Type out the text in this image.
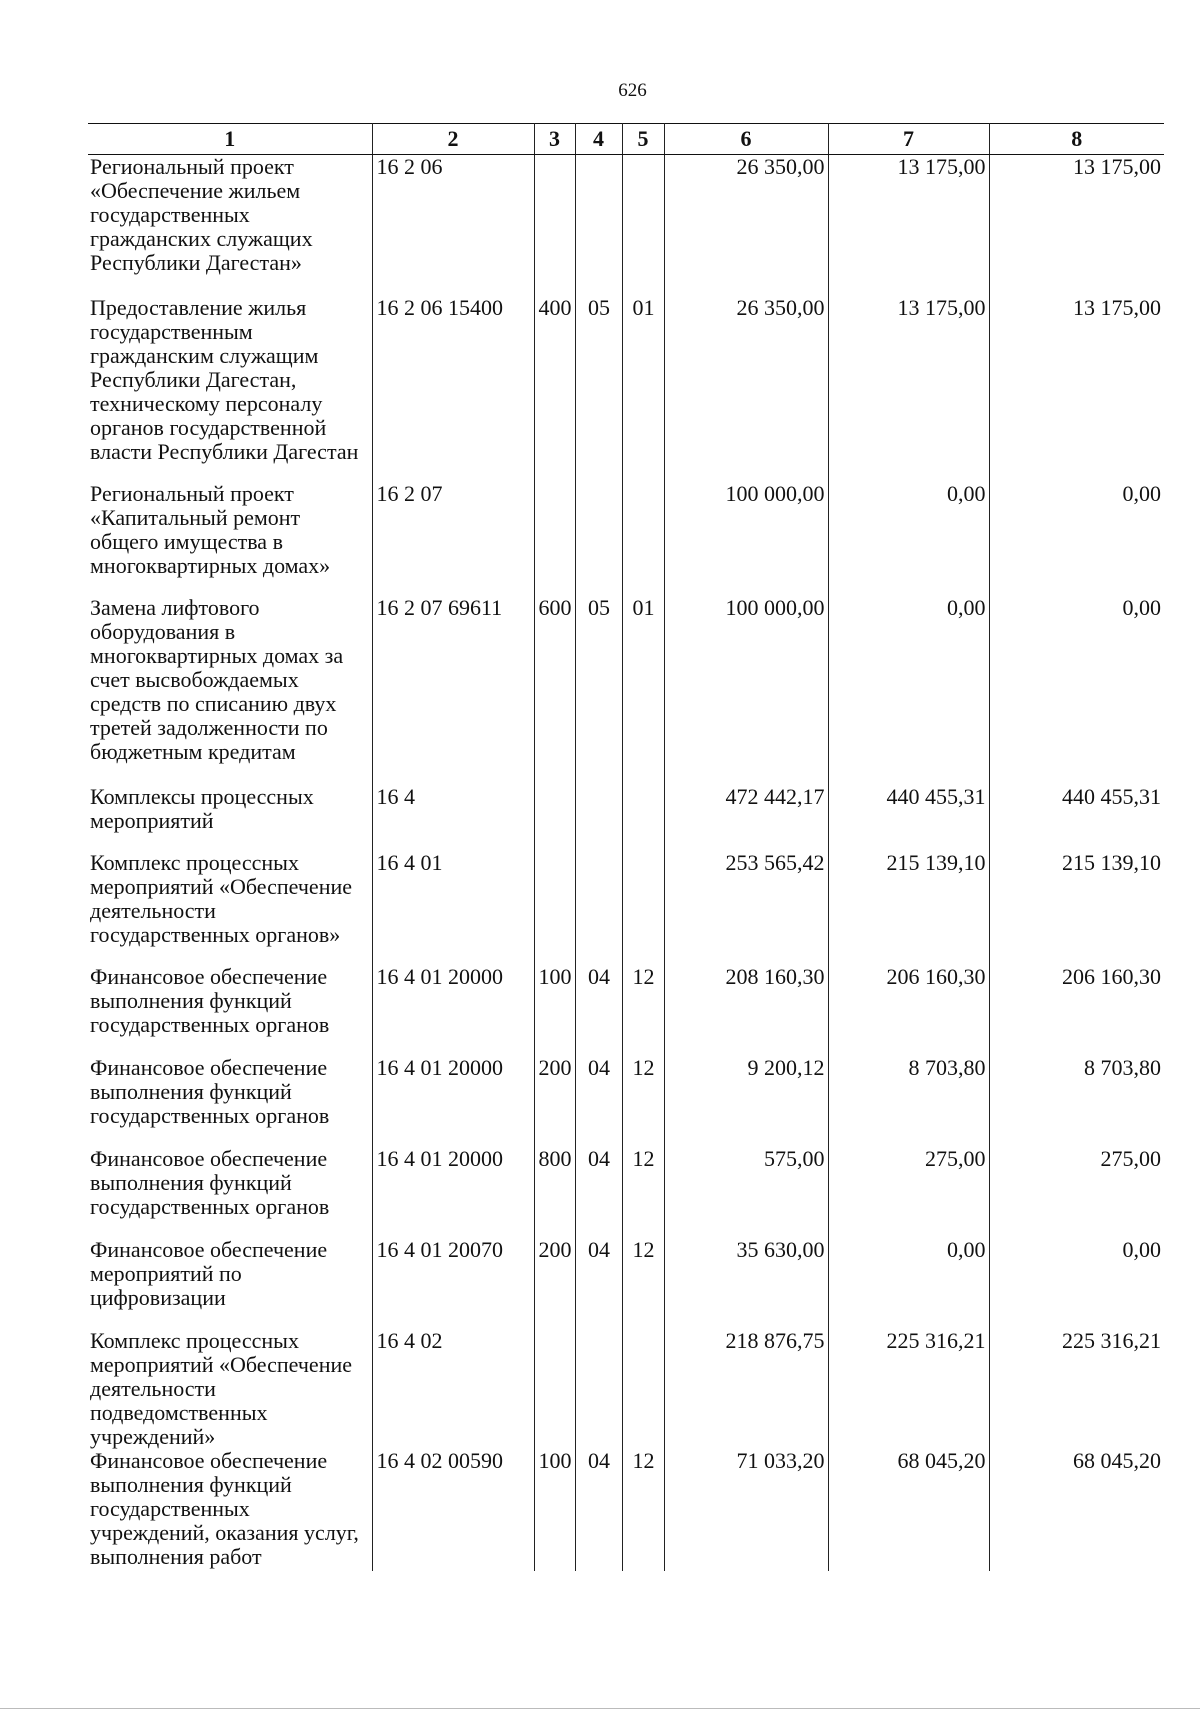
626
1	2	3	4	5	6	7	8
Региональный проект «Обеспечение жильем государственных гражданских служащих Республики Дагестан»	16 2 06				26 350,00	13 175,00	13 175,00
Предоставление жилья государственным гражданским служащим Республики Дагестан, техническому персоналу органов государственной власти Республики Дагестан	16 2 06 15400	400	05	01	26 350,00	13 175,00	13 175,00
Региональный проект «Капитальный ремонт общего имущества в многоквартирных домах»	16 2 07				100 000,00	0,00	0,00
Замена лифтового оборудования в многоквартирных домах за счет высвобождаемых средств по списанию двух третей задолженности по бюджетным кредитам	16 2 07 69611	600	05	01	100 000,00	0,00	0,00
Комплексы процессных мероприятий	16 4				472 442,17	440 455,31	440 455,31
Комплекс процессных мероприятий «Обеспечение деятельности государственных органов»	16 4 01				253 565,42	215 139,10	215 139,10
Финансовое обеспечение выполнения функций государственных органов	16 4 01 20000	100	04	12	208 160,30	206 160,30	206 160,30
Финансовое обеспечение выполнения функций государственных органов	16 4 01 20000	200	04	12	9 200,12	8 703,80	8 703,80
Финансовое обеспечение выполнения функций государственных органов	16 4 01 20000	800	04	12	575,00	275,00	275,00
Финансовое обеспечение мероприятий по цифровизации	16 4 01 20070	200	04	12	35 630,00	0,00	0,00
Комплекс процессных мероприятий «Обеспечение деятельности подведомственных учреждений»	16 4 02				218 876,75	225 316,21	225 316,21
Финансовое обеспечение выполнения функций государственных учреждений, оказания услуг, выполнения работ	16 4 02 00590	100	04	12	71 033,20	68 045,20	68 045,20
